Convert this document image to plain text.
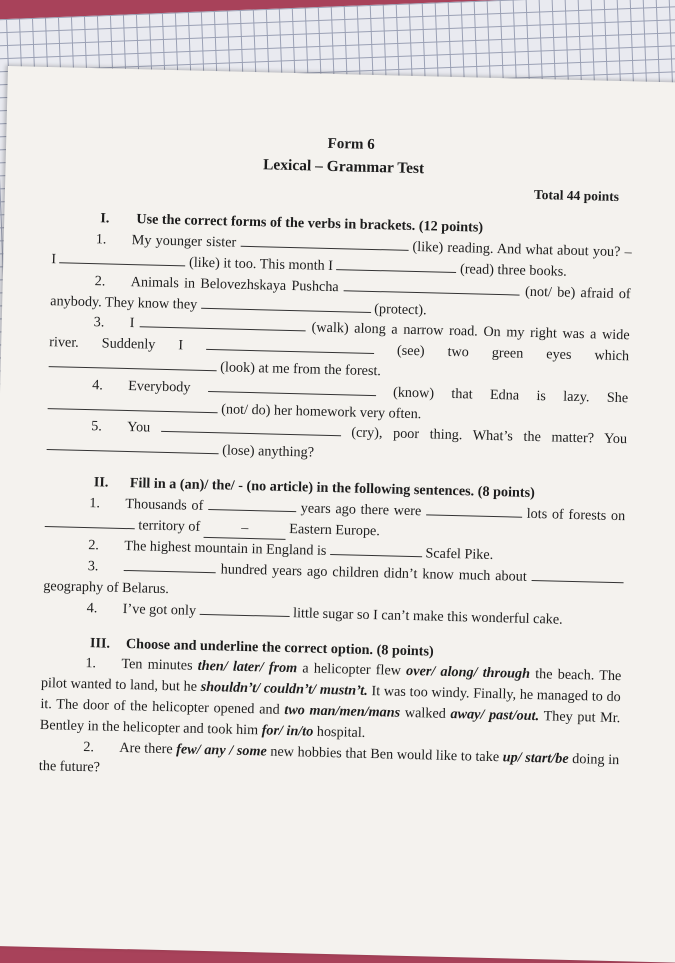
Form 6
Lexical – Grammar Test
Total 44 points
I. Use the correct forms of the verbs in brackets. (12 points)

1. My younger sister	(like) reading. And what about you? – I	(like) it too. This month I	(read) three books.

2. Animals in Belovezhskaya Pushcha	(not/ be) afraid of anybody. They know they	(protect).

3. I	(walk) along a narrow road. On my right was a wide river. Suddenly I	(see) two green eyes which  (look) at me from the forest.

4. Everybody	(know) that Edna is lazy. She  (not/ do) her homework very often.

5. You	(cry), poor thing. What’s the matter? You  (lose) anything?

II. Fill in a (an)/ the/ - (no article) in the following sentences. (8 points)

1. Thousands of	years ago there were	lots of forests on  territory of	–	Eastern Europe.

2. The highest mountain in England is	Scafel Pike.

3.	hundred years ago children didn’t know much about  geography of Belarus.

4. I’ve got only	little sugar so I can’t make this wonderful cake.

III. Choose and underline the correct option. (8 points)

1. Ten minutes then/ later/ from a helicopter flew over/ along/ through the beach. The pilot wanted to land, but he shouldn’t/ couldn’t/ mustn’t. It was too windy. Finally, he managed to do it. The door of the helicopter opened and two man/men/mans walked away/ past/out. They put Mr. Bentley in the helicopter and took him for/ in/to hospital.

2. Are there few/ any / some new hobbies that Ben would like to take up/ start/be doing in the future?
